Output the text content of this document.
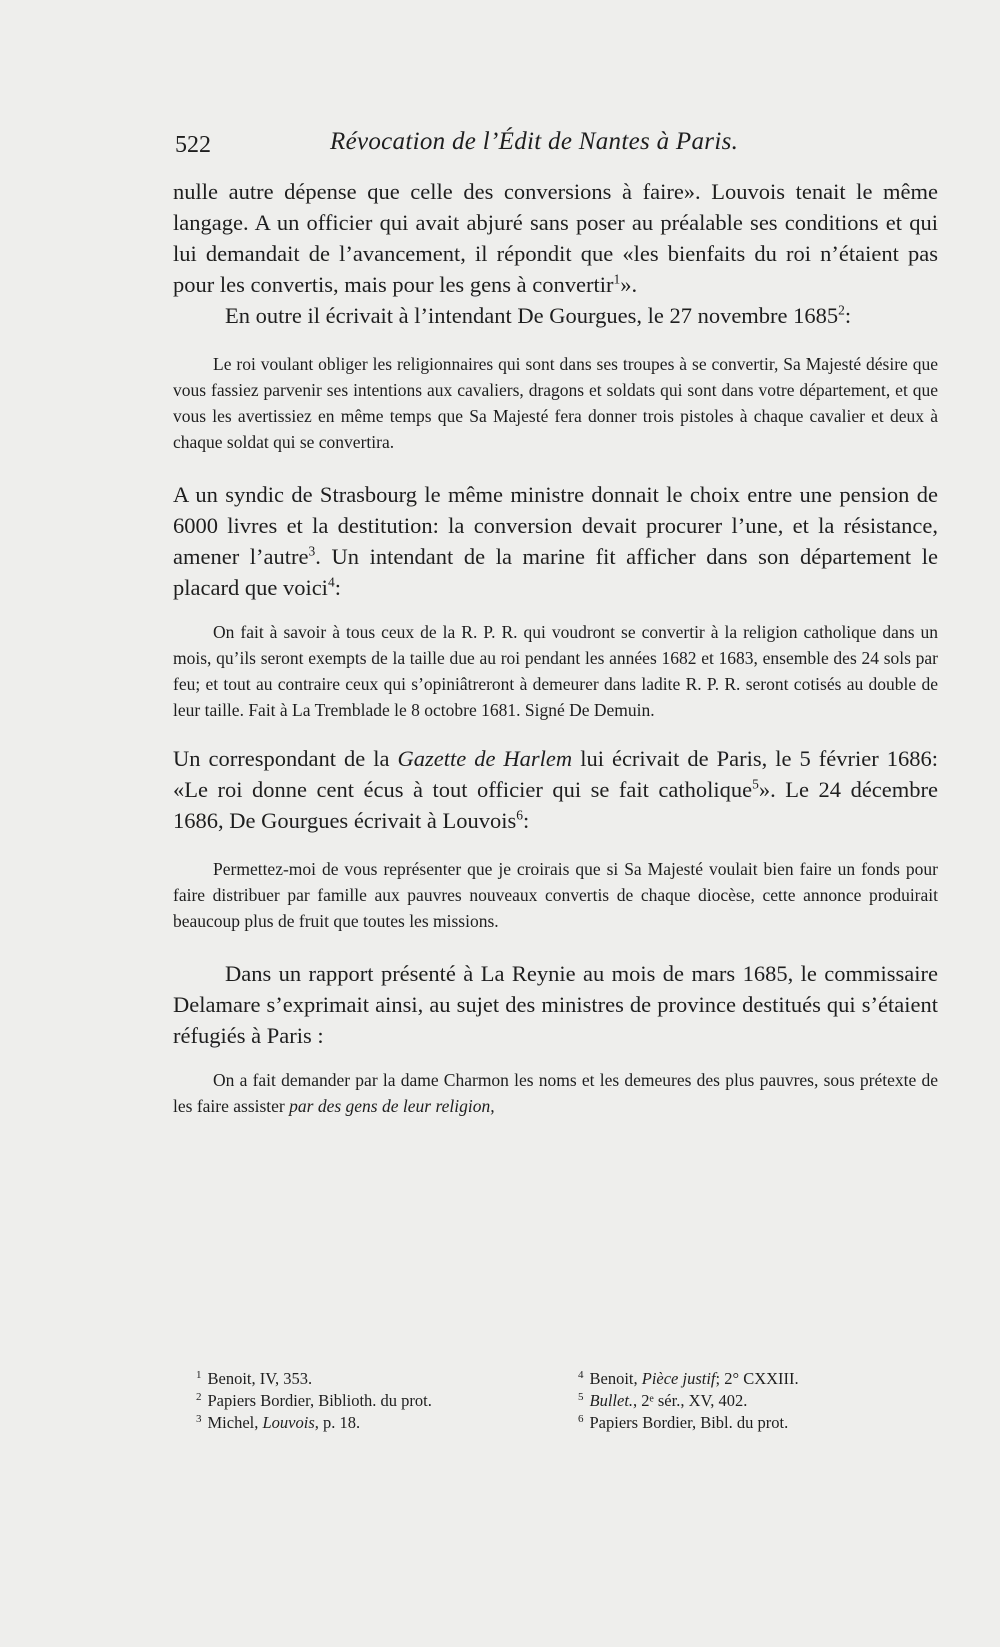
522	Révocation de l’Édit de Nantes à Paris.

nulle autre dépense que celle des conversions à faire». Louvois tenait le même langage. A un officier qui avait abjuré sans poser au préalable ses conditions et qui lui demandait de l’avancement, il répondit que «les bienfaits du roi n’étaient pas pour les convertis, mais pour les gens à convertir$^1$».

En outre il écrivait à l’intendant De Gourgues, le 27 novembre 1685$^2$:

Le roi voulant obliger les religionnaires qui sont dans ses troupes à se convertir, Sa Majesté désire que vous fassiez parvenir ses intentions aux cavaliers, dragons et soldats qui sont dans votre département, et que vous les avertissiez en même temps que Sa Majesté fera donner trois pistoles à chaque cavalier et deux à chaque soldat qui se convertira.

A un syndic de Strasbourg le même ministre donnait le choix entre une pension de 6000 livres et la destitution: la conversion devait procurer l’une, et la résistance, amener l’autre$^3$. Un intendant de la marine fit afficher dans son département le placard que voici$^4$:

On fait à savoir à tous ceux de la R. P. R. qui voudront se convertir à la religion catholique dans un mois, qu’ils seront exempts de la taille due au roi pendant les années 1682 et 1683, ensemble des 24 sols par feu; et tout au contraire ceux qui s’opiniâtreront à demeurer dans ladite R. P. R. seront cotisés au double de leur taille. Fait à La Tremblade le 8 octobre 1681. Signé De Demuin.

Un correspondant de la Gazette de Harlem lui écrivait de Paris, le 5 février 1686: «Le roi donne cent écus à tout officier qui se fait catholique$^5$». Le 24 décembre 1686, De Gourgues écrivait à Louvois$^6$:

Permettez-moi de vous représenter que je croirais que si Sa Majesté voulait bien faire un fonds pour faire distribuer par famille aux pauvres nouveaux convertis de chaque diocèse, cette annonce produirait beaucoup plus de fruit que toutes les missions.

Dans un rapport présenté à La Reynie au mois de mars 1685, le commissaire Delamare s’exprimait ainsi, au sujet des ministres de province destitués qui s’étaient réfugiés à Paris :

On a fait demander par la dame Charmon les noms et les demeures des plus pauvres, sous prétexte de les faire assister par des gens de leur religion,

$^1$ Benoit, IV, 353.
$^2$ Papiers Bordier, Biblioth. du prot.
$^3$ Michel, Louvois, p. 18.
$^4$ Benoit, Pièce justif; 2° CXXIII.
$^5$ Bullet., 2ᵉ sér., XV, 402.
$^6$ Papiers Bordier, Bibl. du prot.
